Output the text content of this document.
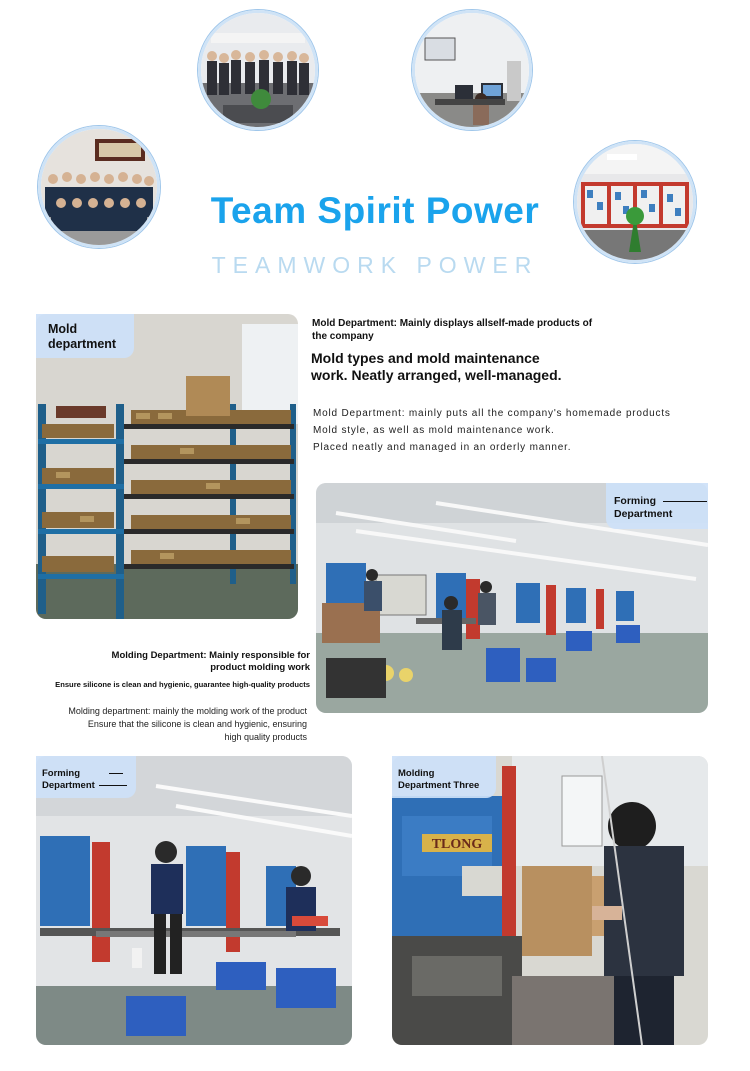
Team Spirit Power
TEAMWORK POWER
Mold
department
Mold Department: Mainly displays allself-made products of
the company
Mold types and mold maintenance
work. Neatly arranged, well-managed.
Mold Department: mainly puts all the company's homemade products
Mold style, as well as mold maintenance work.
Placed neatly and managed in an orderly manner.
Forming
Department
Molding Department: Mainly responsible for
product molding work
Ensure silicone is clean and hygienic, guarantee high-quality products
Molding department: mainly the molding work of the product
Ensure that the silicone is clean and hygienic, ensuring
high quality products
Forming
Department
TLONG
Molding
Department Three
